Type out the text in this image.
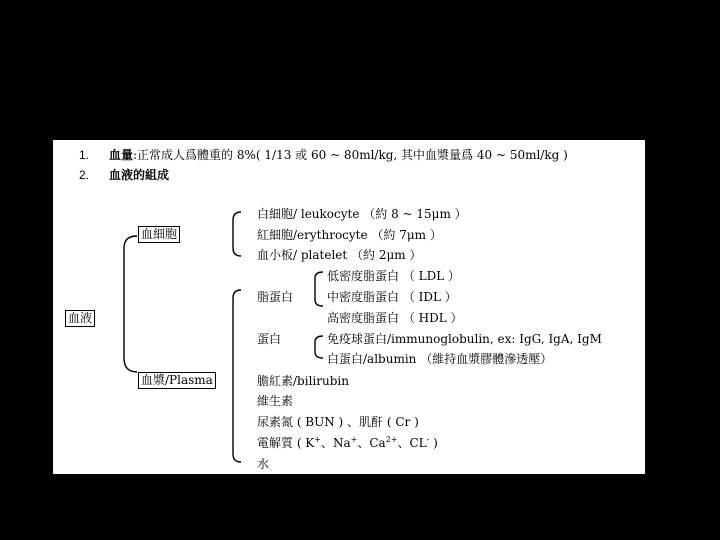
1. 血量:正常成人爲體重的 8%( 1/13 或 60 ~ 80ml/kg, 其中血漿量爲 40 ~ 50ml/kg )
2. 血液的組成
血液
血細胞
白細胞/ leukocyte （約 8 ~ 15μm ）
紅細胞/erythrocyte （約 7μm ）
血小板/ platelet （約 2μm ）
血漿/Plasma
脂蛋白
低密度脂蛋白 （ LDL ）
中密度脂蛋白 （ IDL ）
高密度脂蛋白 （ HDL ）
蛋白	免疫球蛋白/immunoglobulin, ex: IgG, IgA, IgM
白蛋白/albumin （維持血漿膠體滲透壓）
膽紅素/bilirubin
維生素
尿素氮 ( BUN ) 、肌酐 ( Cr )
電解質 ( K+、Na+、$Ca^{2+}$、CL- )
水
